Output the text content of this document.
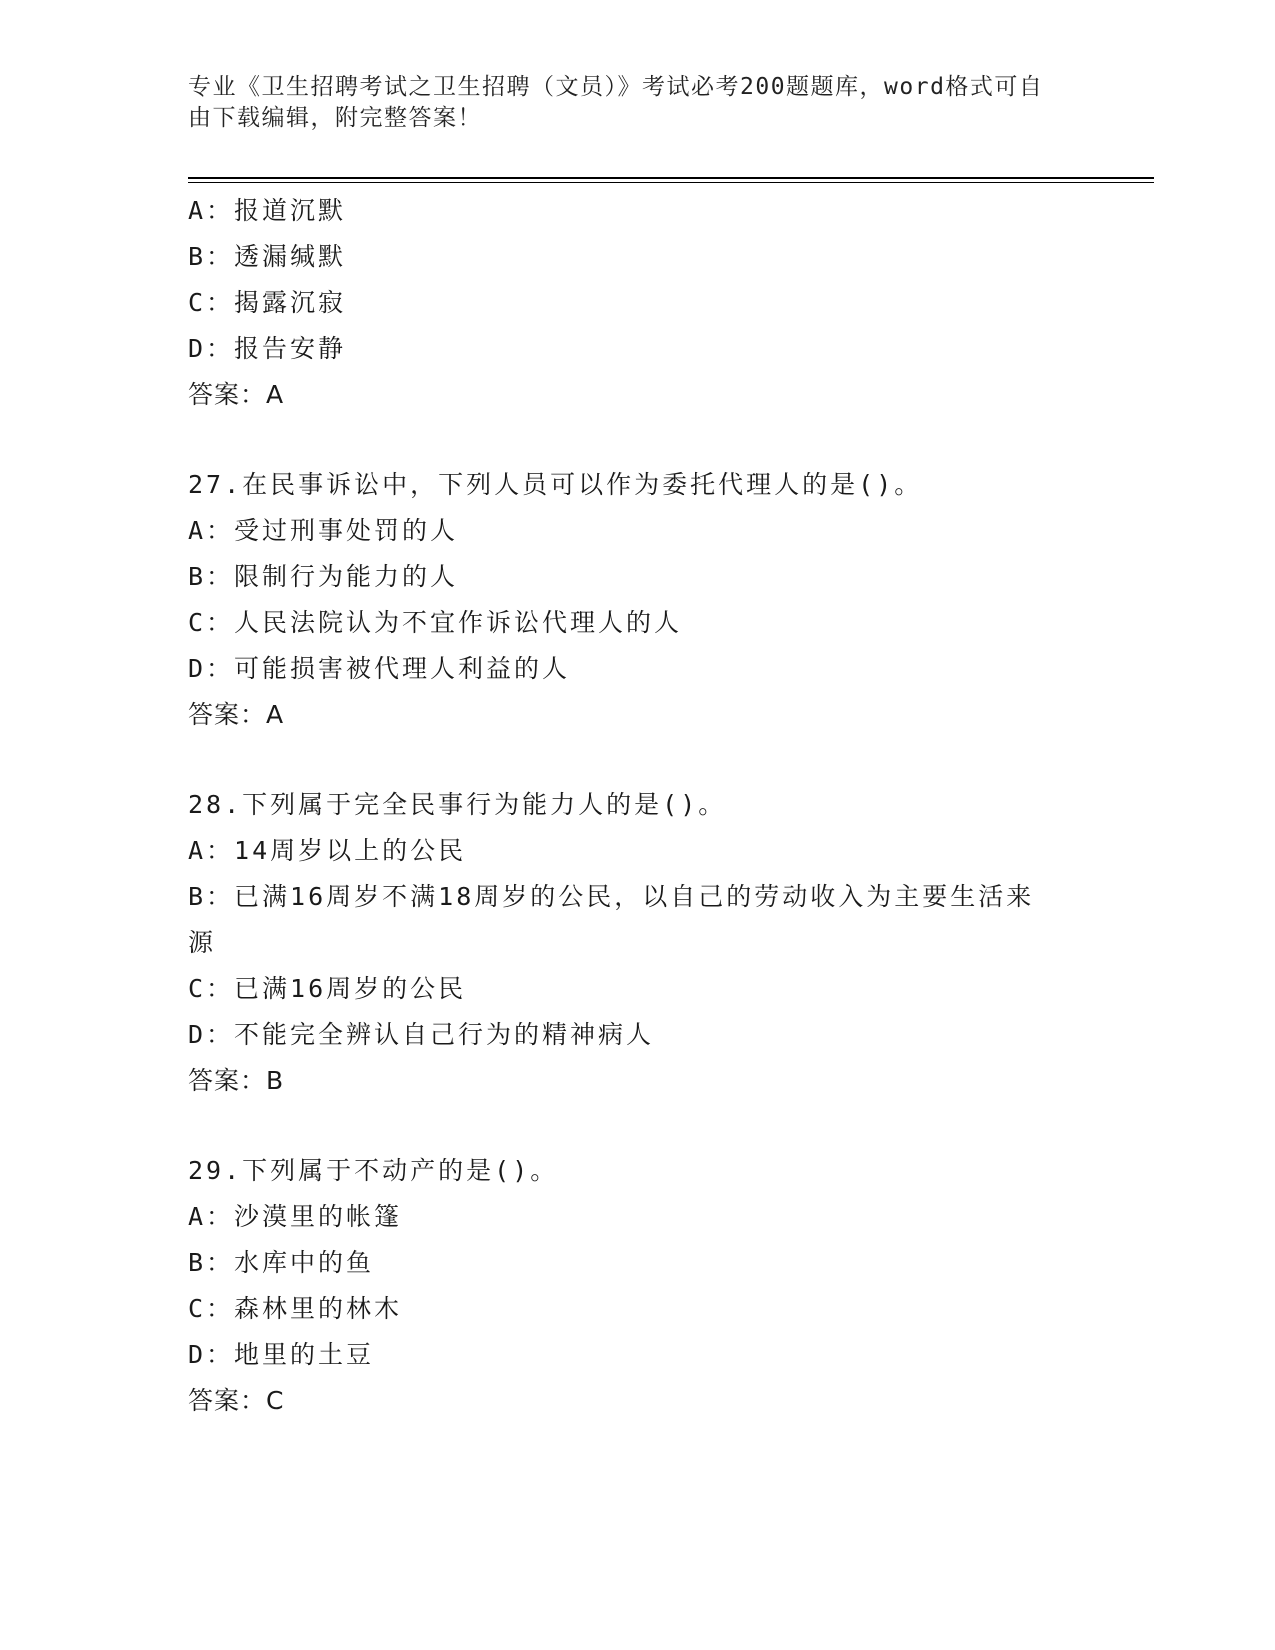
专业《卫生招聘考试之卫生招聘（文员）》考试必考200题题库，word格式可自
由下载编辑，附完整答案！
A：报道沉默
B：透漏缄默
C：揭露沉寂
D：报告安静
答案：A
27.在民事诉讼中，下列人员可以作为委托代理人的是()。
A：受过刑事处罚的人
B：限制行为能力的人
C：人民法院认为不宜作诉讼代理人的人
D：可能损害被代理人利益的人
答案：A
28.下列属于完全民事行为能力人的是()。
A：14周岁以上的公民
B：已满16周岁不满18周岁的公民，以自己的劳动收入为主要生活来
源
C：已满16周岁的公民
D：不能完全辨认自己行为的精神病人
答案：B
29.下列属于不动产的是()。
A：沙漠里的帐篷
B：水库中的鱼
C：森林里的林木
D：地里的土豆
答案：C
